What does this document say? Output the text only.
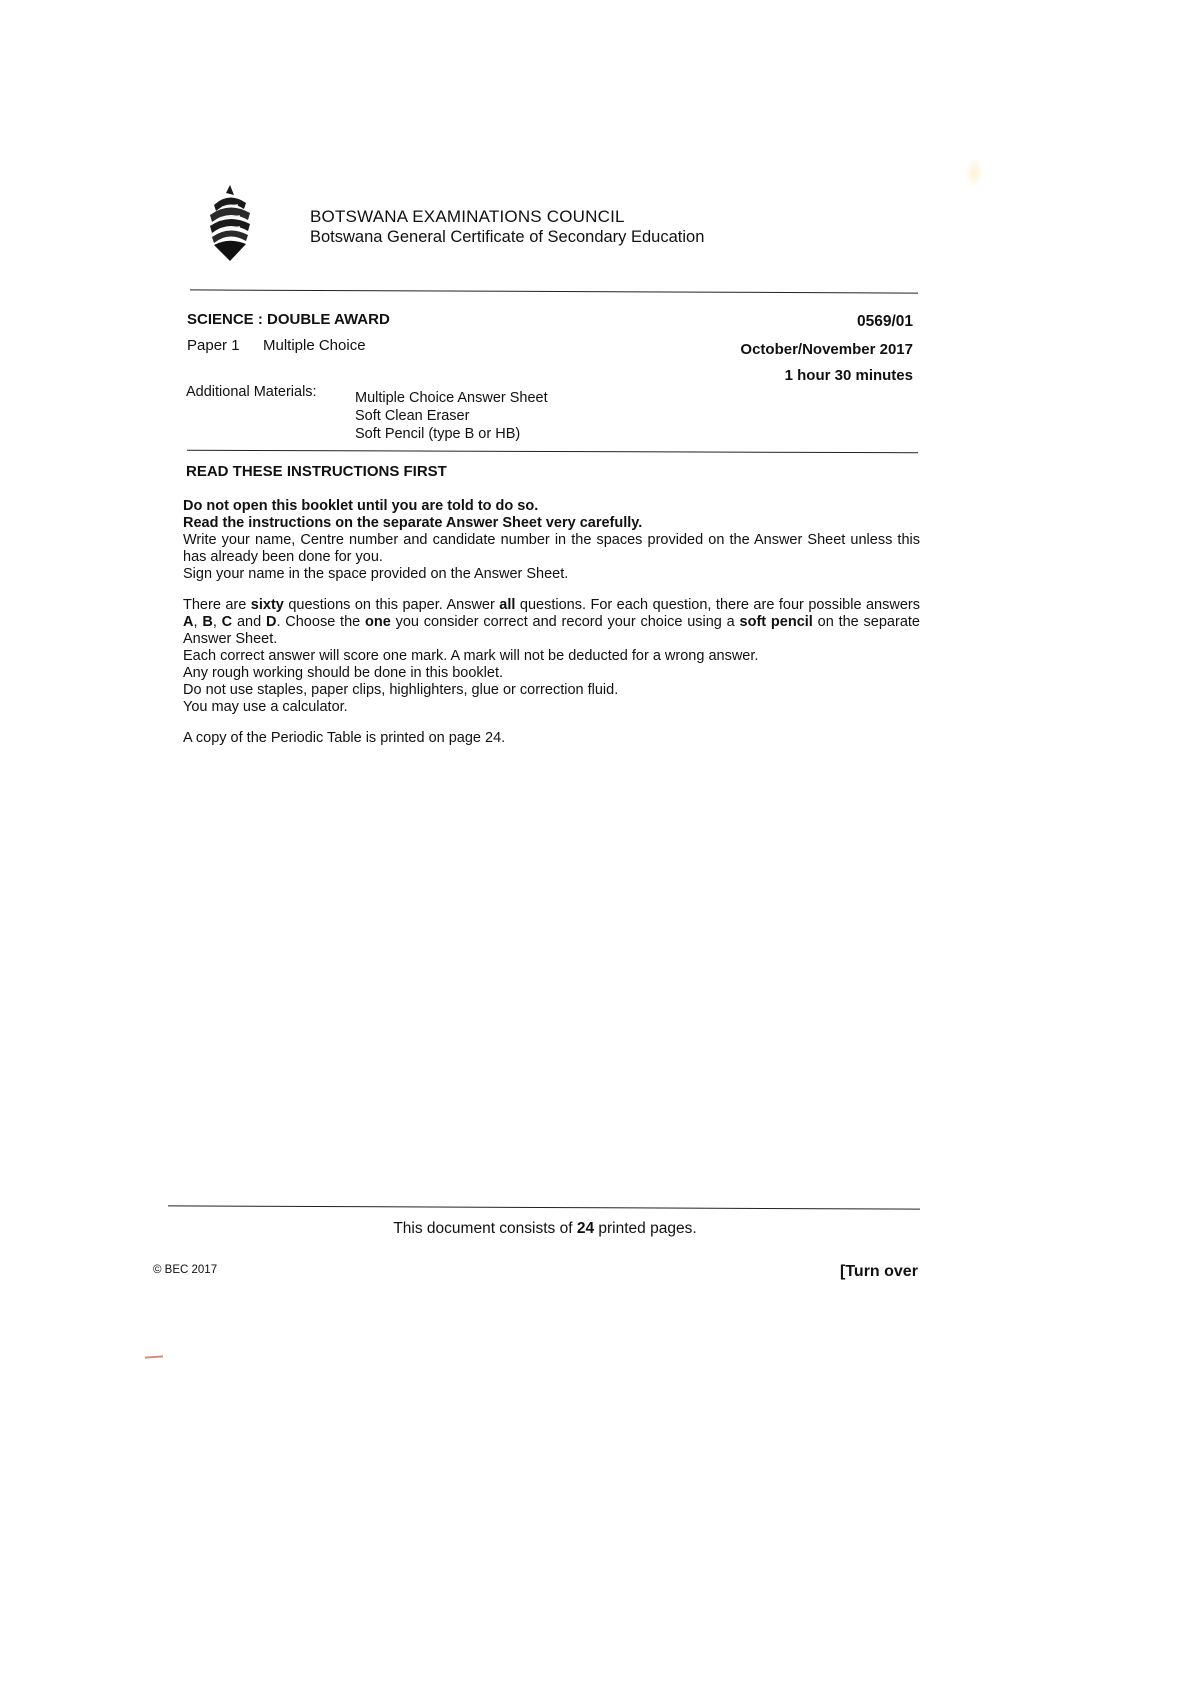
BOTSWANA EXAMINATIONS COUNCIL
Botswana General Certificate of Secondary Education
SCIENCE : DOUBLE AWARD
Paper 1 Multiple Choice
0569/01
October/November 2017
1 hour 30 minutes
Additional Materials:	Multiple Choice Answer Sheet
Soft Clean Eraser
Soft Pencil (type B or HB)
READ THESE INSTRUCTIONS FIRST

Do not open this booklet until you are told to do so.

Read the instructions on the separate Answer Sheet very carefully.

Write your name, Centre number and candidate number in the spaces provided on the Answer Sheet unless this has already been done for you.

Sign your name in the space provided on the Answer Sheet.

There are sixty questions on this paper. Answer all questions. For each question, there are four possible answers A, B, C and D. Choose the one you consider correct and record your choice using a soft pencil on the separate Answer Sheet.

Each correct answer will score one mark. A mark will not be deducted for a wrong answer.

Any rough working should be done in this booklet.

Do not use staples, paper clips, highlighters, glue or correction fluid.

You may use a calculator.

A copy of the Periodic Table is printed on page 24.

This document consists of 24 printed pages.
© BEC 2017	[Turn over
